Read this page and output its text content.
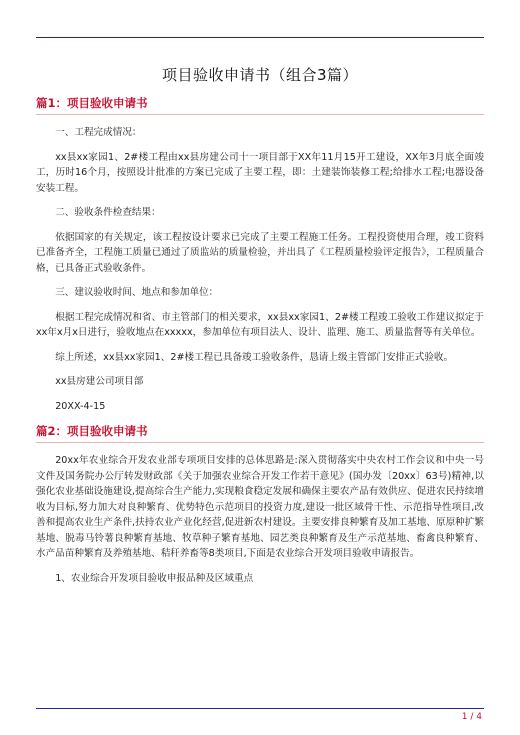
项目验收申请书（组合3篇）
篇1：项目验收申请书

一、工程完成情况：

xx县xx家园1、2#楼工程由xx县房建公司十一项目部于XX年11月15开工建设，XX年3月底全面竣工，历时16个月，按照设计批准的方案已完成了主要工程，即：土建装饰装修工程;给排水工程;电器设备安装工程。

二、验收条件检查结果：

依据国家的有关规定，该工程按设计要求已完成了主要工程施工任务。工程投资使用合理，竣工资料已准备齐全，工程施工质量已通过了质监站的质量检验，并出具了《工程质量检验评定报告》，工程质量合格，已具备正式验收条件。

三、建议验收时间、地点和参加单位：

根据工程完成情况和省、市主管部门的相关要求，xx县xx家园1、2#楼工程竣工验收工作建议拟定于xx年x月x日进行，验收地点在xxxxx，参加单位有项目法人、设计、监理、施工、质量监督等有关单位。

综上所述，xx县xx家园1、2#楼工程已具备竣工验收条件，恳请上级主管部门安排正式验收。

xx县房建公司项目部

20XX-4-15

篇2：项目验收申请书

20xx年农业综合开发农业部专项项目安排的总体思路是:深入贯彻落实中央农村工作会议和中央一号文件及国务院办公厅转发财政部《关于加强农业综合开发工作若干意见》(国办发〔20xx〕63号)精神,以强化农业基础设施建设,提高综合生产能力,实现粮食稳定发展和确保主要农产品有效供应、促进农民持续增收为目标,努力加大对良种繁育、优势特色示范项目的投资力度,建设一批区域骨干性、示范指导性项目,改善和提高农业生产条件,扶持农业产业化经营,促进新农村建设。主要安排良种繁育及加工基地、原原种扩繁基地、脱毒马铃薯良种繁育基地、牧草种子繁育基地、园艺类良种繁育及生产示范基地、畜禽良种繁育、水产品苗种繁育及养殖基地、秸秆养畜等8类项目,下面是农业综合开发项目验收申请报告。

1、农业综合开发项目验收申报品种及区域重点

1 / 4
